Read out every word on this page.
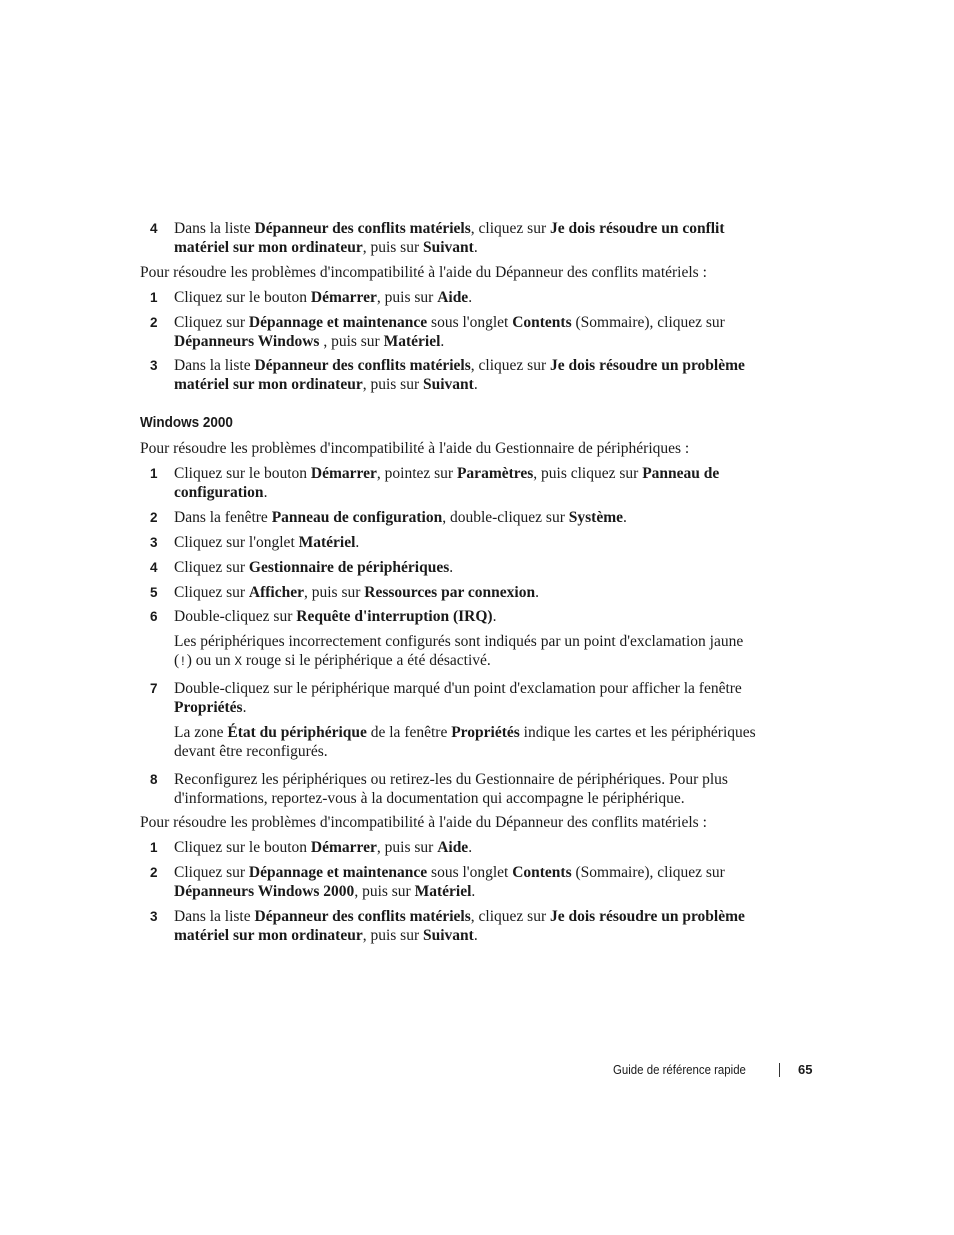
4	Dans la liste Dépanneur des conflits matériels, cliquez sur Je dois résoudre un conflit
matériel sur mon ordinateur, puis sur Suivant.
Pour résoudre les problèmes d'incompatibilité à l'aide du Dépanneur des conflits matériels :
1	Cliquez sur le bouton Démarrer, puis sur Aide.
2	Cliquez sur Dépannage et maintenance sous l'onglet Contents (Sommaire), cliquez sur
Dépanneurs Windows , puis sur Matériel.
3	Dans la liste Dépanneur des conflits matériels, cliquez sur Je dois résoudre un problème
matériel sur mon ordinateur, puis sur Suivant.
Windows 2000
Pour résoudre les problèmes d'incompatibilité à l'aide du Gestionnaire de périphériques :
1	Cliquez sur le bouton Démarrer, pointez sur Paramètres, puis cliquez sur Panneau de
configuration.
2	Dans la fenêtre Panneau de configuration, double-cliquez sur Système.
3	Cliquez sur l'onglet Matériel.
4	Cliquez sur Gestionnaire de périphériques.
5	Cliquez sur Afficher, puis sur Ressources par connexion.
6	Double-cliquez sur Requête d'interruption (IRQ).
Les périphériques incorrectement configurés sont indiqués par un point d'exclamation jaune
(!) ou un X rouge si le périphérique a été désactivé.
7	Double-cliquez sur le périphérique marqué d'un point d'exclamation pour afficher la fenêtre
Propriétés.
La zone État du périphérique de la fenêtre Propriétés indique les cartes et les périphériques
devant être reconfigurés.
8	Reconfigurez les périphériques ou retirez-les du Gestionnaire de périphériques. Pour plus
d'informations, reportez-vous à la documentation qui accompagne le périphérique.
Pour résoudre les problèmes d'incompatibilité à l'aide du Dépanneur des conflits matériels :
1	Cliquez sur le bouton Démarrer, puis sur Aide.
2	Cliquez sur Dépannage et maintenance sous l'onglet Contents (Sommaire), cliquez sur
Dépanneurs Windows 2000, puis sur Matériel.
3	Dans la liste Dépanneur des conflits matériels, cliquez sur Je dois résoudre un problème
matériel sur mon ordinateur, puis sur Suivant.
Guide de référence rapide	65
